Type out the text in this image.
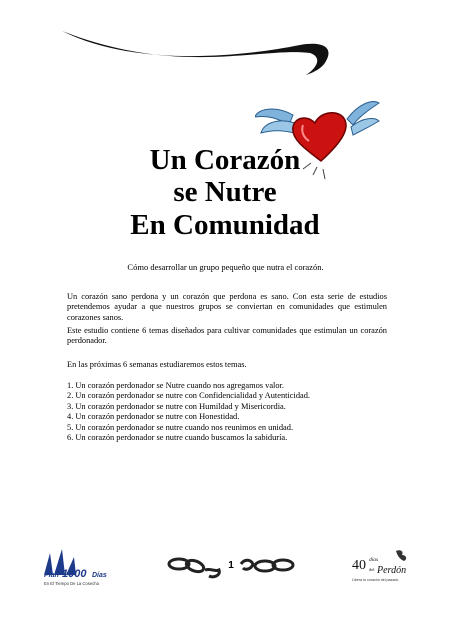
Un Corazón
se Nutre
En Comunidad
Cómo desarrollar un grupo pequeño que nutra el corazón.
Un corazón sano perdona y un corazón que perdona es sano. Con esta serie de estudios pretendemos ayudar a que nuestros grupos se conviertan en comunidades que estimulen corazones sanos.
Este estudio contiene 6 temas diseñados para cultivar comunidades que estimulan un corazón perdonador.
En las próximas 6 semanas estudiaremos estos temas.
1. Un corazón perdonador se Nutre cuando nos agregamos valor.
2. Un corazón perdonador se nutre con Confidencialidad y Autenticidad.
3. Un corazón perdonador se nutre con Humildad y Misericordia.
4. Un corazón perdonador se nutre con Honestidad.
5. Un corazón perdonador se nutre cuando nos reunimos en unidad.
6. Un corazón perdonador se nutre cuando buscamos la sabiduría.
Plan 1000 Días
En El Tiempo De La Cosecha
1	40 días
del Perdón
Libera tu corazón del pasado
